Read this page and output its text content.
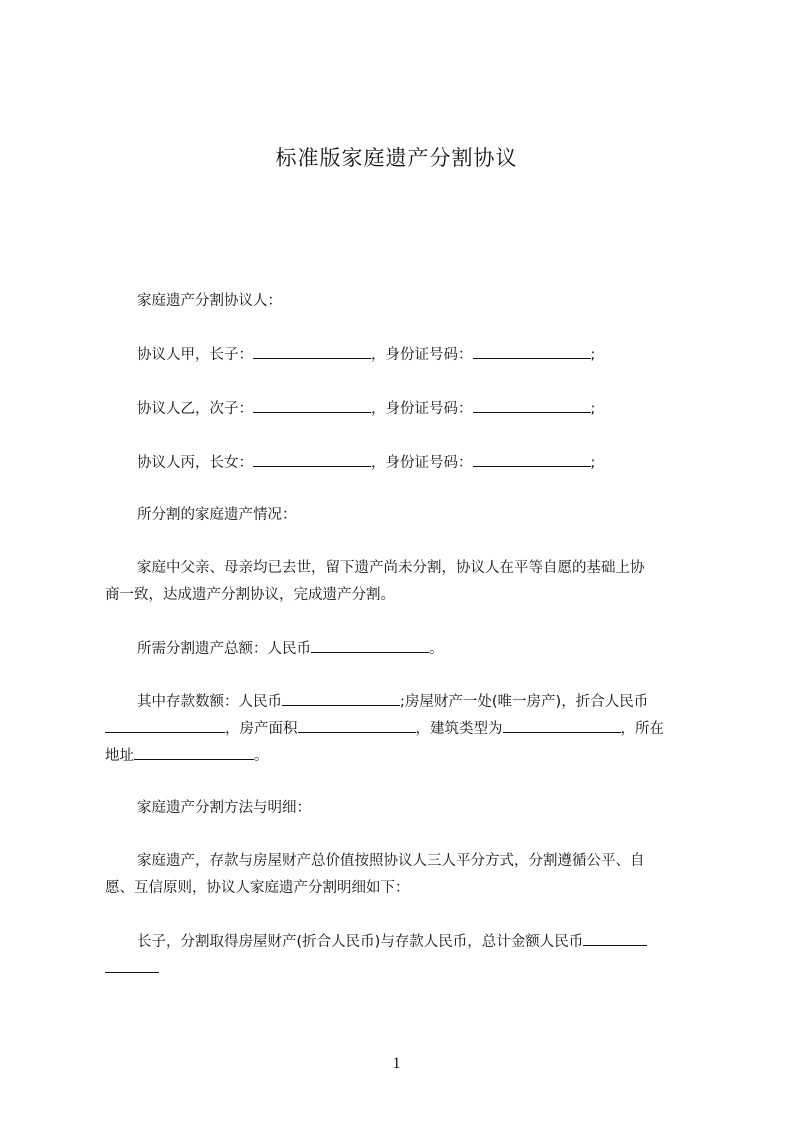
标准版家庭遗产分割协议
家庭遗产分割协议人：
协议人甲，长子：	，身份证号码：	;
协议人乙，次子：	，身份证号码：	;
协议人丙，长女：	，身份证号码：	;
所分割的家庭遗产情况：
家庭中父亲、母亲均已去世，留下遗产尚未分割，协议人在平等自愿的基础上协
商一致，达成遗产分割协议，完成遗产分割。
所需分割遗产总额：人民币	。
其中存款数额：人民币	;房屋财产一处(唯一房产)，折合人民币
，房产面积	，建筑类型为	，所在
地址	。
家庭遗产分割方法与明细：
家庭遗产，存款与房屋财产总价值按照协议人三人平分方式，分割遵循公平、自
愿、互信原则，协议人家庭遗产分割明细如下：
长子，分割取得房屋财产(折合人民币)与存款人民币，总计金额人民币
1
